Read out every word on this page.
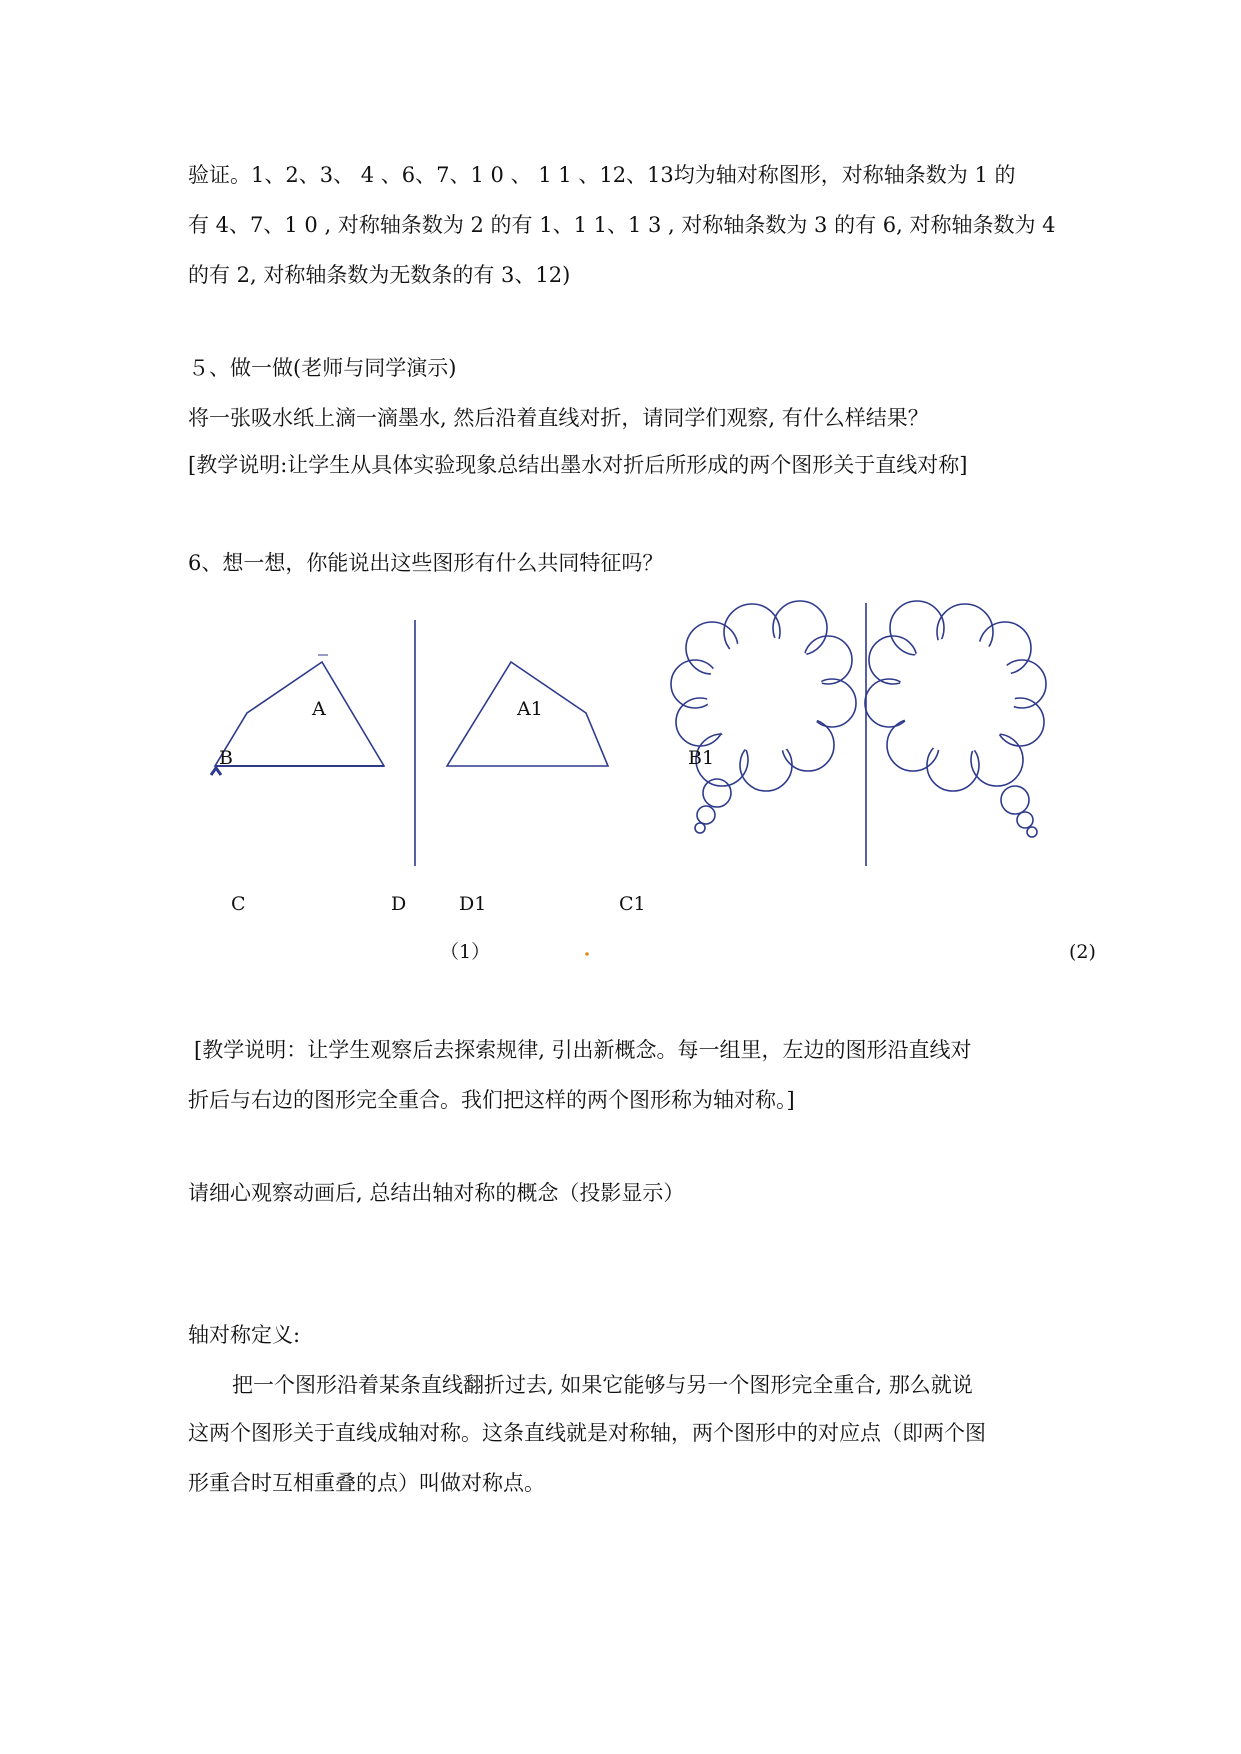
验证。1、2、3、 4 、6、7、1 0 、 1 1 、12、13均为轴对称图形，对称轴条数为 1 的
有 4、7、1 0 , 对称轴条数为 2 的有 1、1 1、1 3 , 对称轴条数为 3 的有 6, 对称轴条数为 4
的有 2, 对称轴条数为无数条的有 3、12)
５、做一做(老师与同学演示)
将一张吸水纸上滴一滴墨水, 然后沿着直线对折，请同学们观察, 有什么样结果？
[教学说明:让学生从具体实验现象总结出墨水对折后所形成的两个图形关于直线对称]
6、想一想，你能说出这些图形有什么共同特征吗？
A	A1
B	B1
C	D	D1	C1
（1）	(2)
[教学说明：让学生观察后去探索规律, 引出新概念。每一组里，左边的图形沿直线对
折后与右边的图形完全重合。我们把这样的两个图形称为轴对称。]
请细心观察动画后, 总结出轴对称的概念（投影显示）
轴对称定义:
把一个图形沿着某条直线翻折过去, 如果它能够与另一个图形完全重合, 那么就说
这两个图形关于直线成轴对称。这条直线就是对称轴，两个图形中的对应点（即两个图
形重合时互相重叠的点）叫做对称点。
